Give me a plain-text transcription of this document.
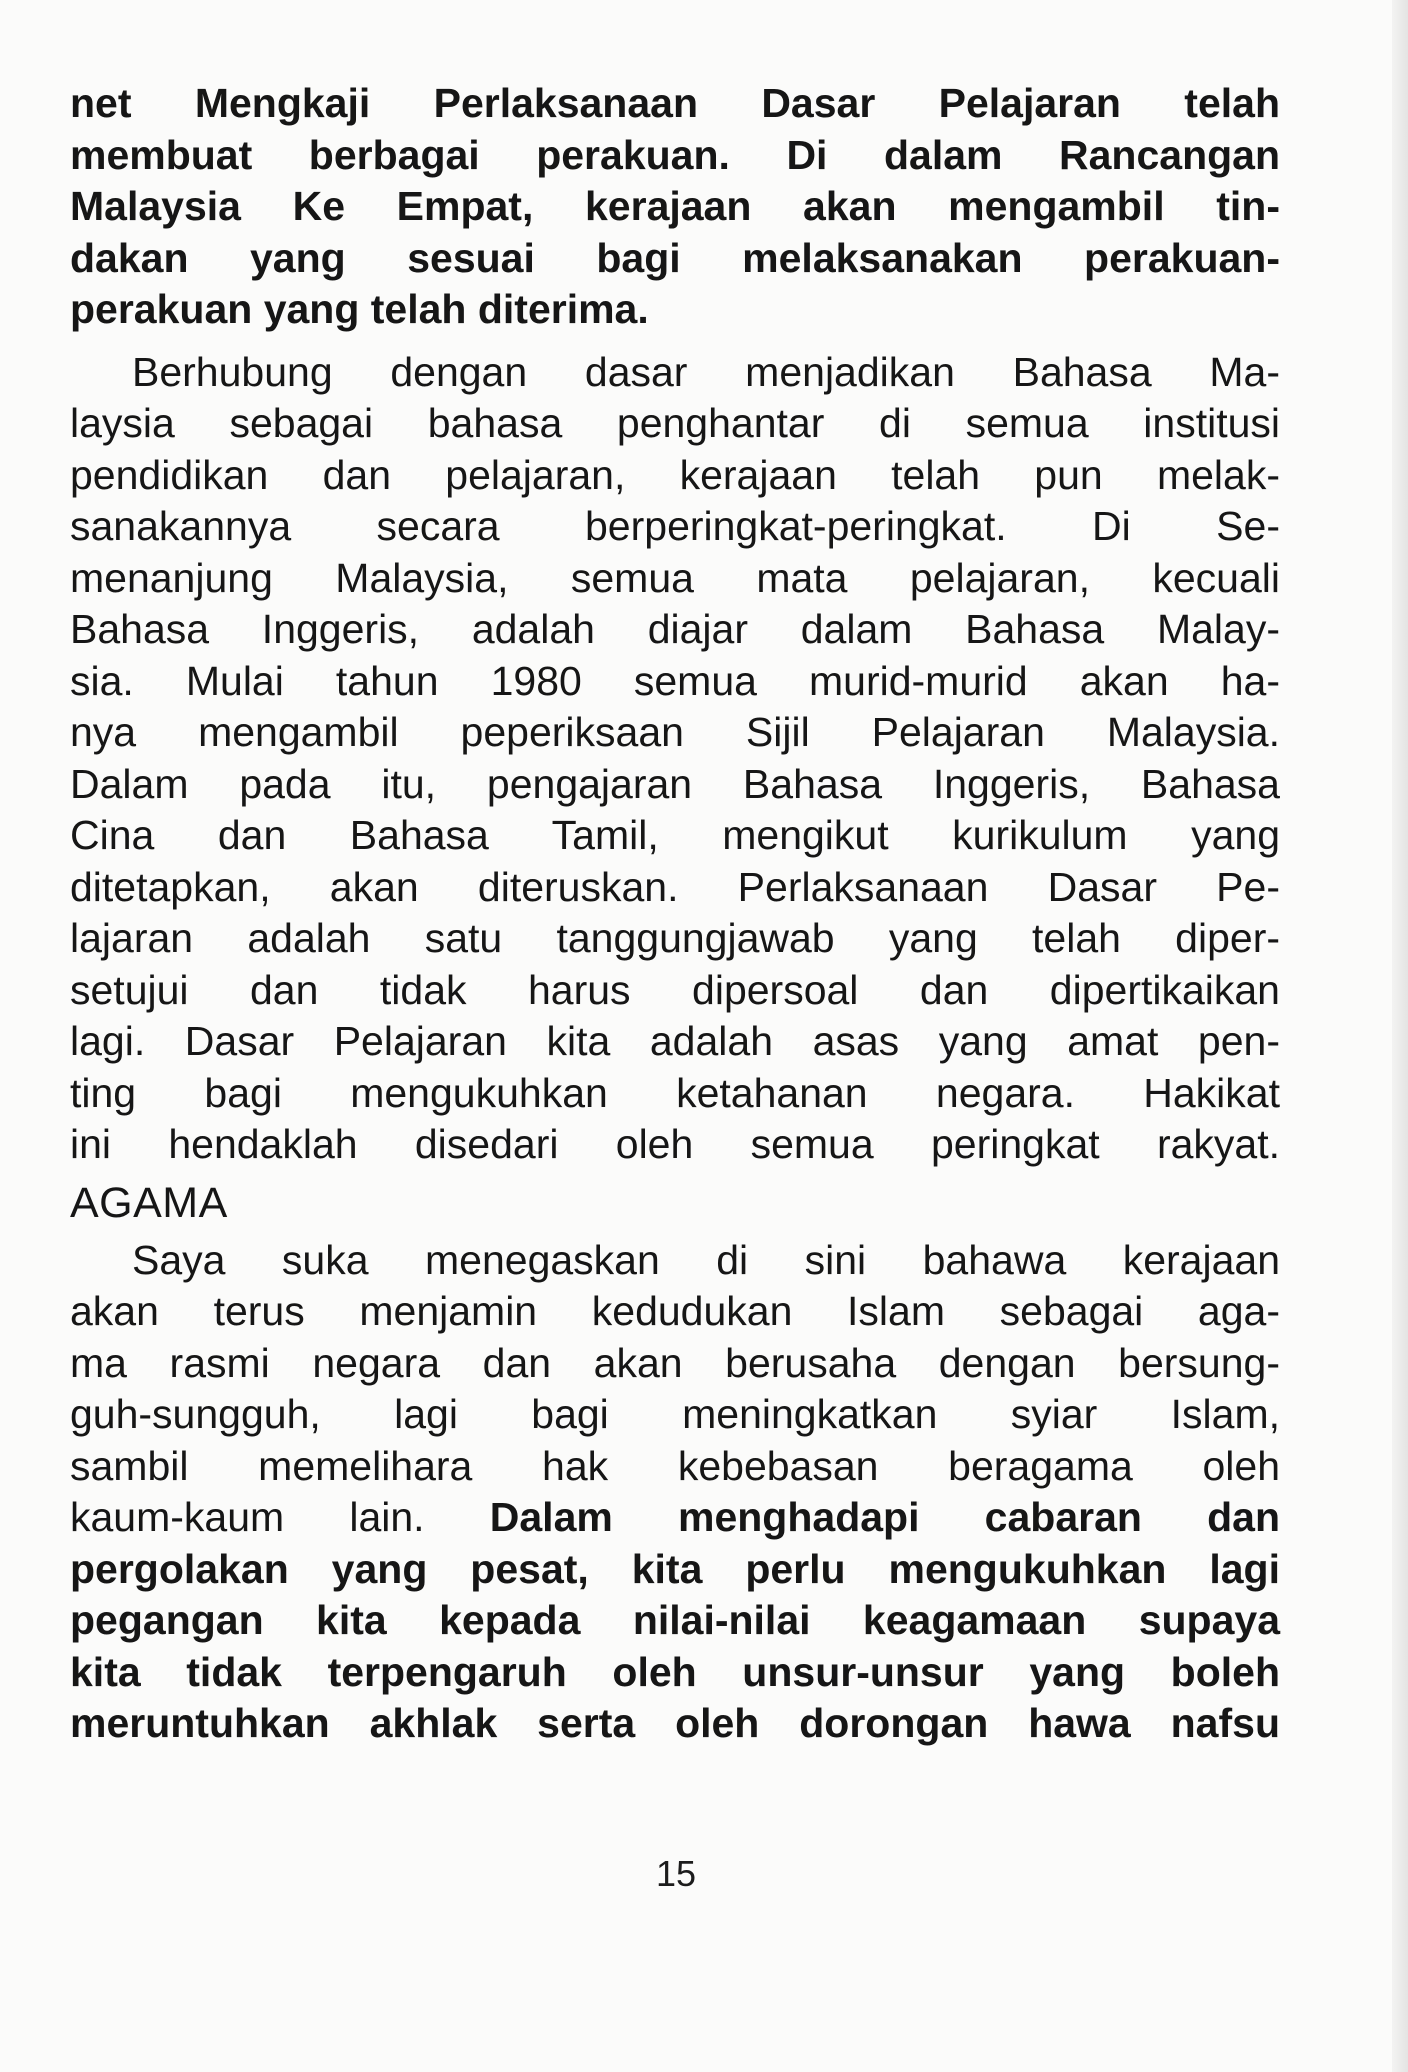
net Mengkaji Perlaksanaan Dasar Pelajaran telah
membuat berbagai perakuan. Di dalam Rancangan
Malaysia Ke Empat, kerajaan akan mengambil tin-
dakan yang sesuai bagi melaksanakan perakuan-
perakuan yang telah diterima.
Berhubung dengan dasar menjadikan Bahasa Ma-
laysia sebagai bahasa penghantar di semua institusi
pendidikan dan pelajaran, kerajaan telah pun melak-
sanakannya secara berperingkat-peringkat. Di Se-
menanjung Malaysia, semua mata pelajaran, kecuali
Bahasa Inggeris, adalah diajar dalam Bahasa Malay-
sia. Mulai tahun 1980 semua murid-murid akan ha-
nya mengambil peperiksaan Sijil Pelajaran Malaysia.
Dalam pada itu, pengajaran Bahasa Inggeris, Bahasa
Cina dan Bahasa Tamil, mengikut kurikulum yang
ditetapkan, akan diteruskan. Perlaksanaan Dasar Pe-
lajaran adalah satu tanggungjawab yang telah diper-
setujui dan tidak harus dipersoal dan dipertikaikan
lagi. Dasar Pelajaran kita adalah asas yang amat pen-
ting bagi mengukuhkan ketahanan negara. Hakikat
ini hendaklah disedari oleh semua peringkat rakyat.
AGAMA
Saya suka menegaskan di sini bahawa kerajaan
akan terus menjamin kedudukan Islam sebagai aga-
ma rasmi negara dan akan berusaha dengan bersung-
guh-sungguh, lagi bagi meningkatkan syiar Islam,
sambil memelihara hak kebebasan beragama oleh
kaum-kaum lain. Dalam menghadapi cabaran dan
pergolakan yang pesat, kita perlu mengukuhkan lagi
pegangan kita kepada nilai-nilai keagamaan supaya
kita tidak terpengaruh oleh unsur-unsur yang boleh
meruntuhkan akhlak serta oleh dorongan hawa nafsu
15
